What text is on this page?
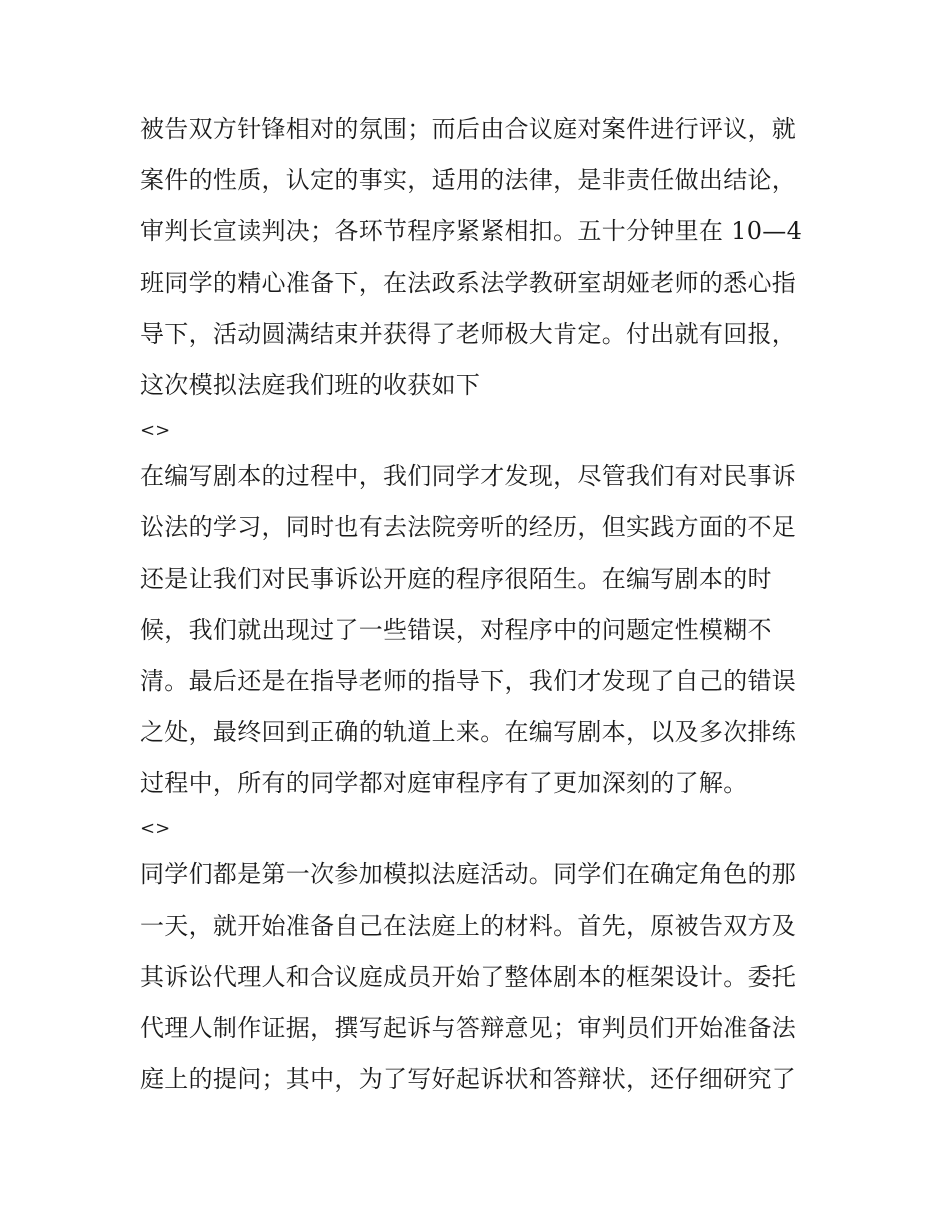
被告双方针锋相对的氛围；而后由合议庭对案件进行评议，就
案件的性质，认定的事实，适用的法律，是非责任做出结论，
审判长宣读判决；各环节程序紧紧相扣。五十分钟里在 10—4
班同学的精心准备下，在法政系法学教研室胡娅老师的悉心指
导下，活动圆满结束并获得了老师极大肯定。付出就有回报，
这次模拟法庭我们班的收获如下
<>
在编写剧本的过程中，我们同学才发现，尽管我们有对民事诉
讼法的学习，同时也有去法院旁听的经历，但实践方面的不足
还是让我们对民事诉讼开庭的程序很陌生。在编写剧本的时
候，我们就出现过了一些错误，对程序中的问题定性模糊不
清。最后还是在指导老师的指导下，我们才发现了自己的错误
之处，最终回到正确的轨道上来。在编写剧本，以及多次排练
过程中，所有的同学都对庭审程序有了更加深刻的了解。
<>
同学们都是第一次参加模拟法庭活动。同学们在确定角色的那
一天，就开始准备自己在法庭上的材料。首先，原被告双方及
其诉讼代理人和合议庭成员开始了整体剧本的框架设计。委托
代理人制作证据，撰写起诉与答辩意见；审判员们开始准备法
庭上的提问；其中，为了写好起诉状和答辩状，还仔细研究了
